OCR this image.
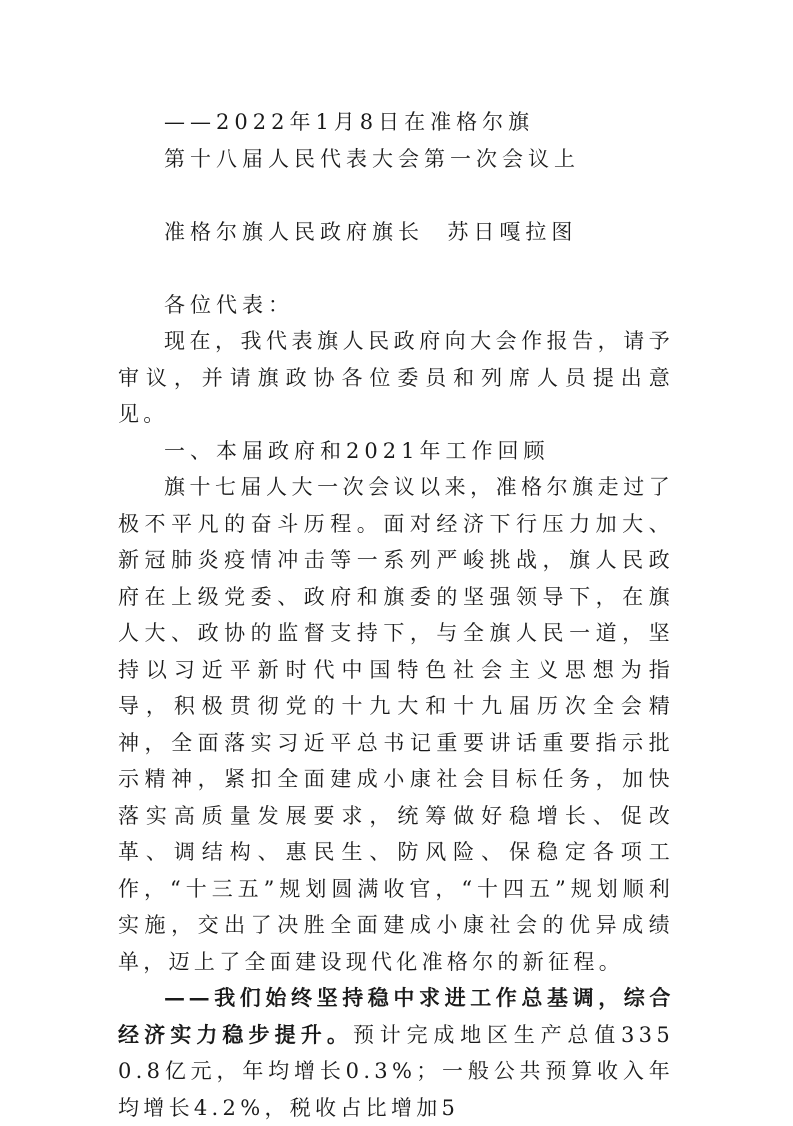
——2022年1月8日在准格尔旗
第十八届人民代表大会第一次会议上
准格尔旗人民政府旗长  苏日嘎拉图
各位代表：
现在，我代表旗人民政府向大会作报告，请予审议，并请旗政协各位委员和列席人员提出意见。
一、本届政府和2021年工作回顾
旗十七届人大一次会议以来，准格尔旗走过了极不平凡的奋斗历程。面对经济下行压力加大、新冠肺炎疫情冲击等一系列严峻挑战，旗人民政府在上级党委、政府和旗委的坚强领导下，在旗人大、政协的监督支持下，与全旗人民一道，坚持以习近平新时代中国特色社会主义思想为指导，积极贯彻党的十九大和十九届历次全会精神，全面落实习近平总书记重要讲话重要指示批示精神，紧扣全面建成小康社会目标任务，加快落实高质量发展要求，统筹做好稳增长、促改革、调结构、惠民生、防风险、保稳定各项工作，“十三五”规划圆满收官，“十四五”规划顺利实施，交出了决胜全面建成小康社会的优异成绩单，迈上了全面建设现代化准格尔的新征程。
——我们始终坚持稳中求进工作总基调，综合经济实力稳步提升。预计完成地区生产总值3350.8亿元，年均增长0.3%；一般公共预算收入年均增长4.2%，税收占比增加5
